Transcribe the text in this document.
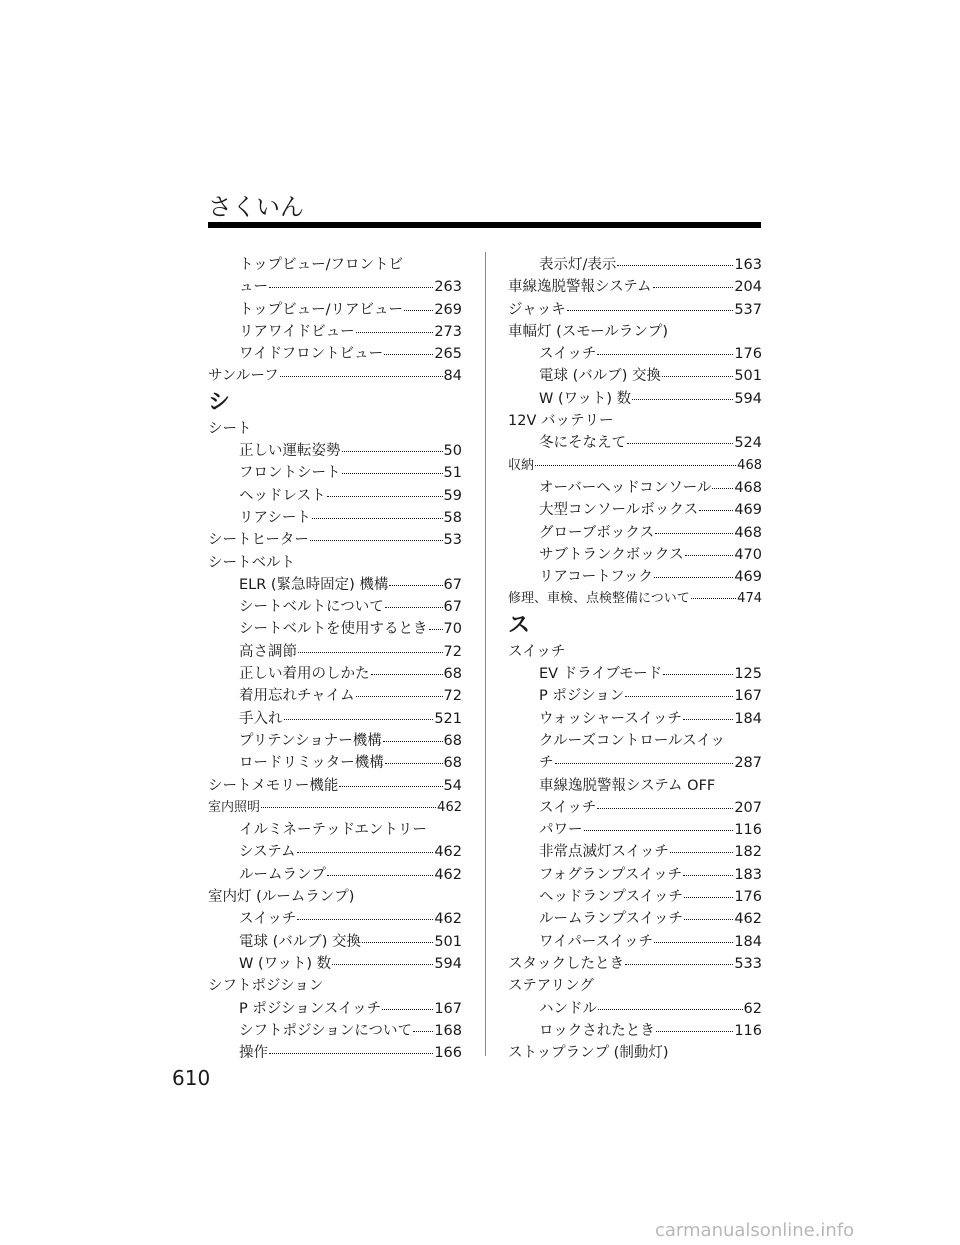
さくいん
トップビュー/フロントビ
ュー	263
トップビュー/リアビュー 269
リアワイドビュー	273
ワイドフロントビュー	265
サンルーフ	84
シ
シート
正しい運転姿勢	50
フロントシート	51
ヘッドレスト	59
リアシート	58
シートヒーター	53
シートベルト
ELR (緊急時固定) 機構	67
シートベルトについて	67
シートベルトを使用するとき 70
高さ調節	72
正しい着用のしかた	68
着用忘れチャイム	72
手入れ	521
プリテンショナー機構	68
ロードリミッター機構	68
シートメモリー機能	54
室内照明	462
イルミネーテッドエントリー
システム	462
ルームランプ	462
室内灯 (ルームランプ)
スイッチ	462
電球 (バルブ) 交換	501
W (ワット) 数	594
シフトポジション
P ポジションスイッチ	167
シフトポジションについて 168
操作	166
表示灯/表示	163
車線逸脱警報システム	204
ジャッキ	537
車幅灯 (スモールランプ)
スイッチ	176
電球 (バルブ) 交換	501
W (ワット) 数	594
12V バッテリー
冬にそなえて	524
収納	468
オーバーヘッドコンソール 468
大型コンソールボックス 469
グローブボックス	468
サブトランクボックス	470
リアコートフック	469
修理、車検、点検整備について	474
ス
スイッチ
EV ドライブモード	125
P ポジション	167
ウォッシャースイッチ	184
クルーズコントロールスイッ
チ	287
車線逸脱警報システム OFF
スイッチ	207
パワー	116
非常点滅灯スイッチ	182
フォグランプスイッチ	183
ヘッドランプスイッチ	176
ルームランプスイッチ	462
ワイパースイッチ	184
スタックしたとき	533
ステアリング
ハンドル	62
ロックされたとき	116
ストップランプ (制動灯)
610
carmanualsonline.info
